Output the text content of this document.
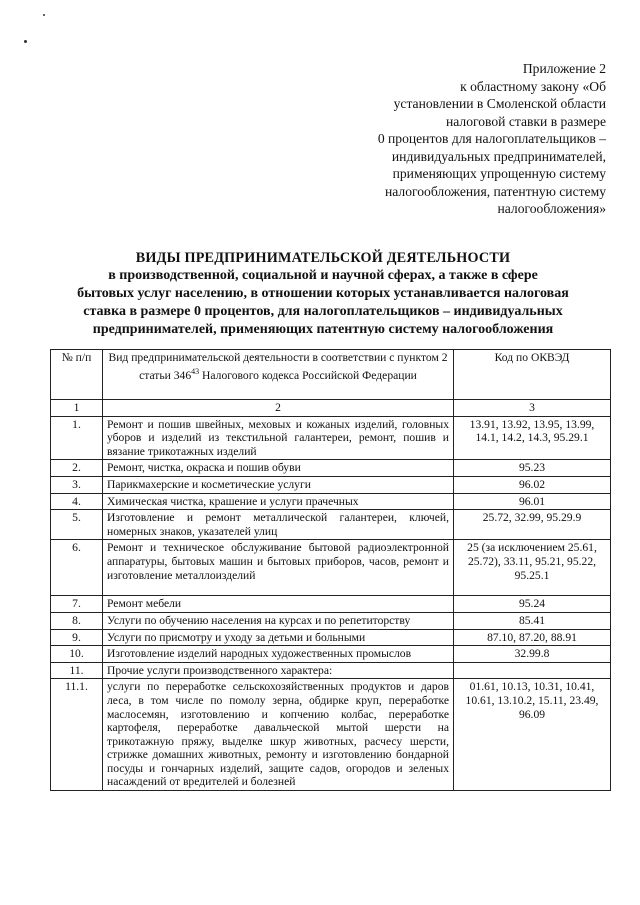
Приложение 2
к областному закону «Об
установлении в Смоленской области
налоговой ставки в размере
0 процентов для налогоплательщиков –
индивидуальных предпринимателей,
применяющих упрощенную систему
налогообложения, патентную систему
налогообложения»
ВИДЫ ПРЕДПРИНИМАТЕЛЬСКОЙ ДЕЯТЕЛЬНОСТИ
в производственной, социальной и научной сферах, а также в сфере
бытовых услуг населению, в отношении которых устанавливается налоговая
ставка в размере 0 процентов, для налогоплательщиков – индивидуальных
предпринимателей, применяющих патентную систему налогообложения
№ п/п	Вид предпринимательской деятельности в соответствии с пунктом 2 статьи $346^{43}$ Налогового кодекса Российской Федерации	Код по ОКВЭД
1	2	3
1.	Ремонт и пошив швейных, меховых и кожаных изделий, головных уборов и изделий из текстильной галантереи, ремонт, пошив и вязание трикотажных изделий	13.91, 13.92, 13.95, 13.99, 14.1, 14.2, 14.3, 95.29.1
2.	Ремонт, чистка, окраска и пошив обуви	95.23
3.	Парикмахерские и косметические услуги	96.02
4.	Химическая чистка, крашение и услуги прачечных	96.01
5.	Изготовление и ремонт металлической галантереи, ключей, номерных знаков, указателей улиц	25.72, 32.99, 95.29.9
6.	Ремонт и техническое обслуживание бытовой радиоэлектронной аппаратуры, бытовых машин и бытовых приборов, часов, ремонт и изготовление металлоизделий	25 (за исключением 25.61, 25.72), 33.11, 95.21, 95.22, 95.25.1
7.	Ремонт мебели	95.24
8.	Услуги по обучению населения на курсах и по репетиторству	85.41
9.	Услуги по присмотру и уходу за детьми и больными	87.10, 87.20, 88.91
10.	Изготовление изделий народных художественных промыслов	32.99.8
11.	Прочие услуги производственного характера:	
11.1.	услуги по переработке сельскохозяйственных продуктов и даров леса, в том числе по помолу зерна, обдирке круп, переработке маслосемян, изготовлению и копчению колбас, переработке картофеля, переработке давальческой мытой шерсти на трикотажную пряжу, выделке шкур животных, расчесу шерсти, стрижке домашних животных, ремонту и изготовлению бондарной посуды и гончарных изделий, защите садов, огородов и зеленых насаждений от вредителей и болезней	01.61, 10.13, 10.31, 10.41, 10.61, 13.10.2, 15.11, 23.49, 96.09
